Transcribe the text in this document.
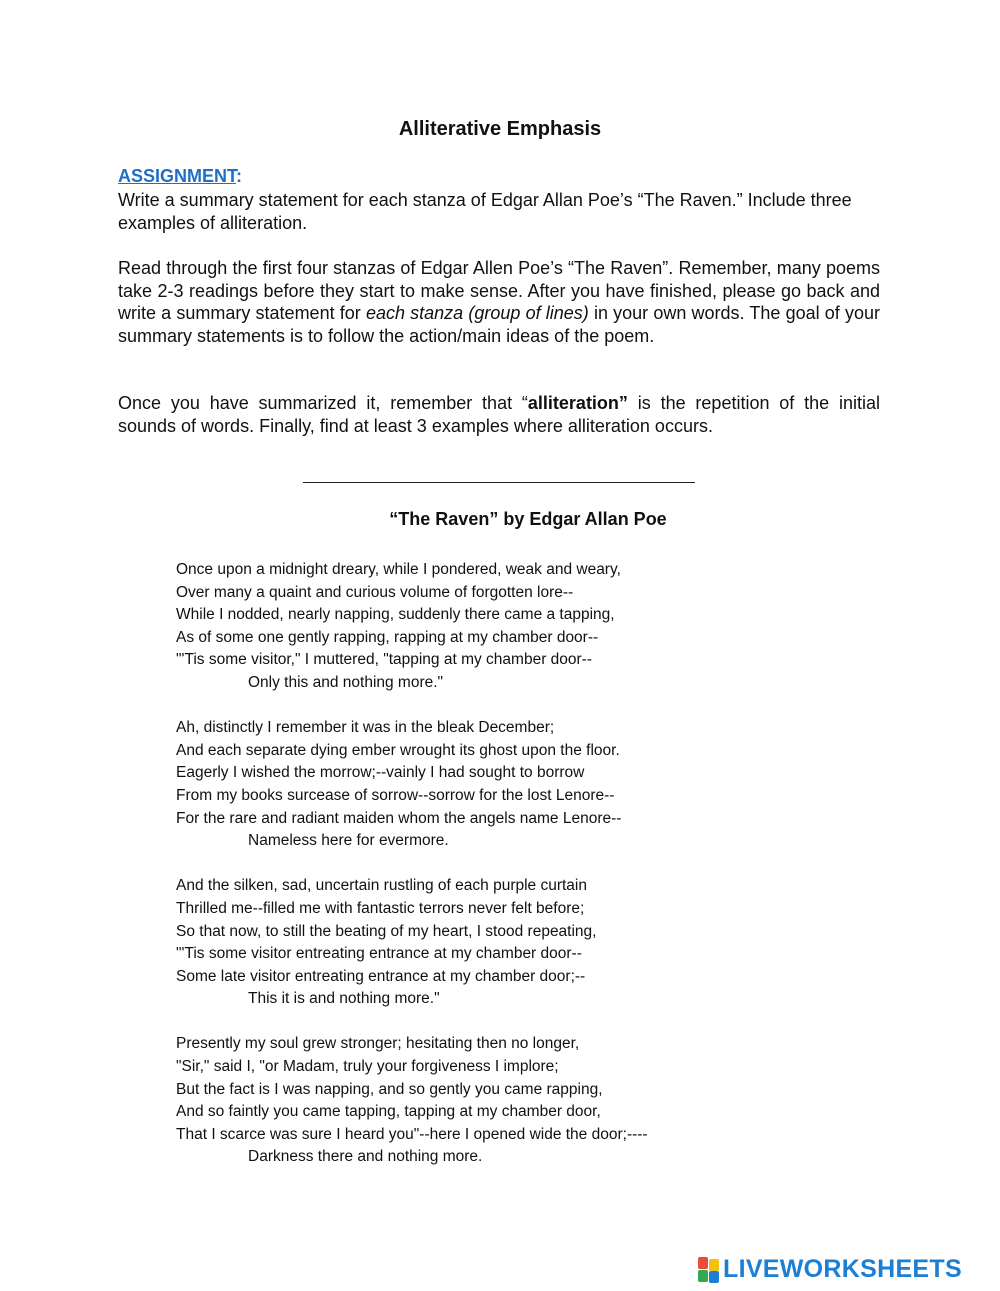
Alliterative Emphasis
ASSIGNMENT:
Write a summary statement for each stanza of Edgar Allan Poe’s “The Raven.” Include three examples of alliteration.
Read through the first four stanzas of Edgar Allen Poe’s “The Raven”. Remember, many poems take 2-3 readings before they start to make sense. After you have finished, please go back and write a summary statement for each stanza (group of lines) in your own words. The goal of your summary statements is to follow the action/main ideas of the poem.
Once you have summarized it, remember that “alliteration” is the repetition of the initial sounds of words. Finally, find at least 3 examples where alliteration occurs.
“The Raven” by Edgar Allan Poe
Once upon a midnight dreary, while I pondered, weak and weary,
Over many a quaint and curious volume of forgotten lore--
While I nodded, nearly napping, suddenly there came a tapping,
As of some one gently rapping, rapping at my chamber door--
"'Tis some visitor," I muttered, "tapping at my chamber door--
Only this and nothing more."
Ah, distinctly I remember it was in the bleak December;
And each separate dying ember wrought its ghost upon the floor.
Eagerly I wished the morrow;--vainly I had sought to borrow
From my books surcease of sorrow--sorrow for the lost Lenore--
For the rare and radiant maiden whom the angels name Lenore--
Nameless here for evermore.
And the silken, sad, uncertain rustling of each purple curtain
Thrilled me--filled me with fantastic terrors never felt before;
So that now, to still the beating of my heart, I stood repeating,
"'Tis some visitor entreating entrance at my chamber door--
Some late visitor entreating entrance at my chamber door;--
This it is and nothing more."
Presently my soul grew stronger; hesitating then no longer,
"Sir," said I, "or Madam, truly your forgiveness I implore;
But the fact is I was napping, and so gently you came rapping,
And so faintly you came tapping, tapping at my chamber door,
That I scarce was sure I heard you"--here I opened wide the door;----
Darkness there and nothing more.
LIVEWORKSHEETS
